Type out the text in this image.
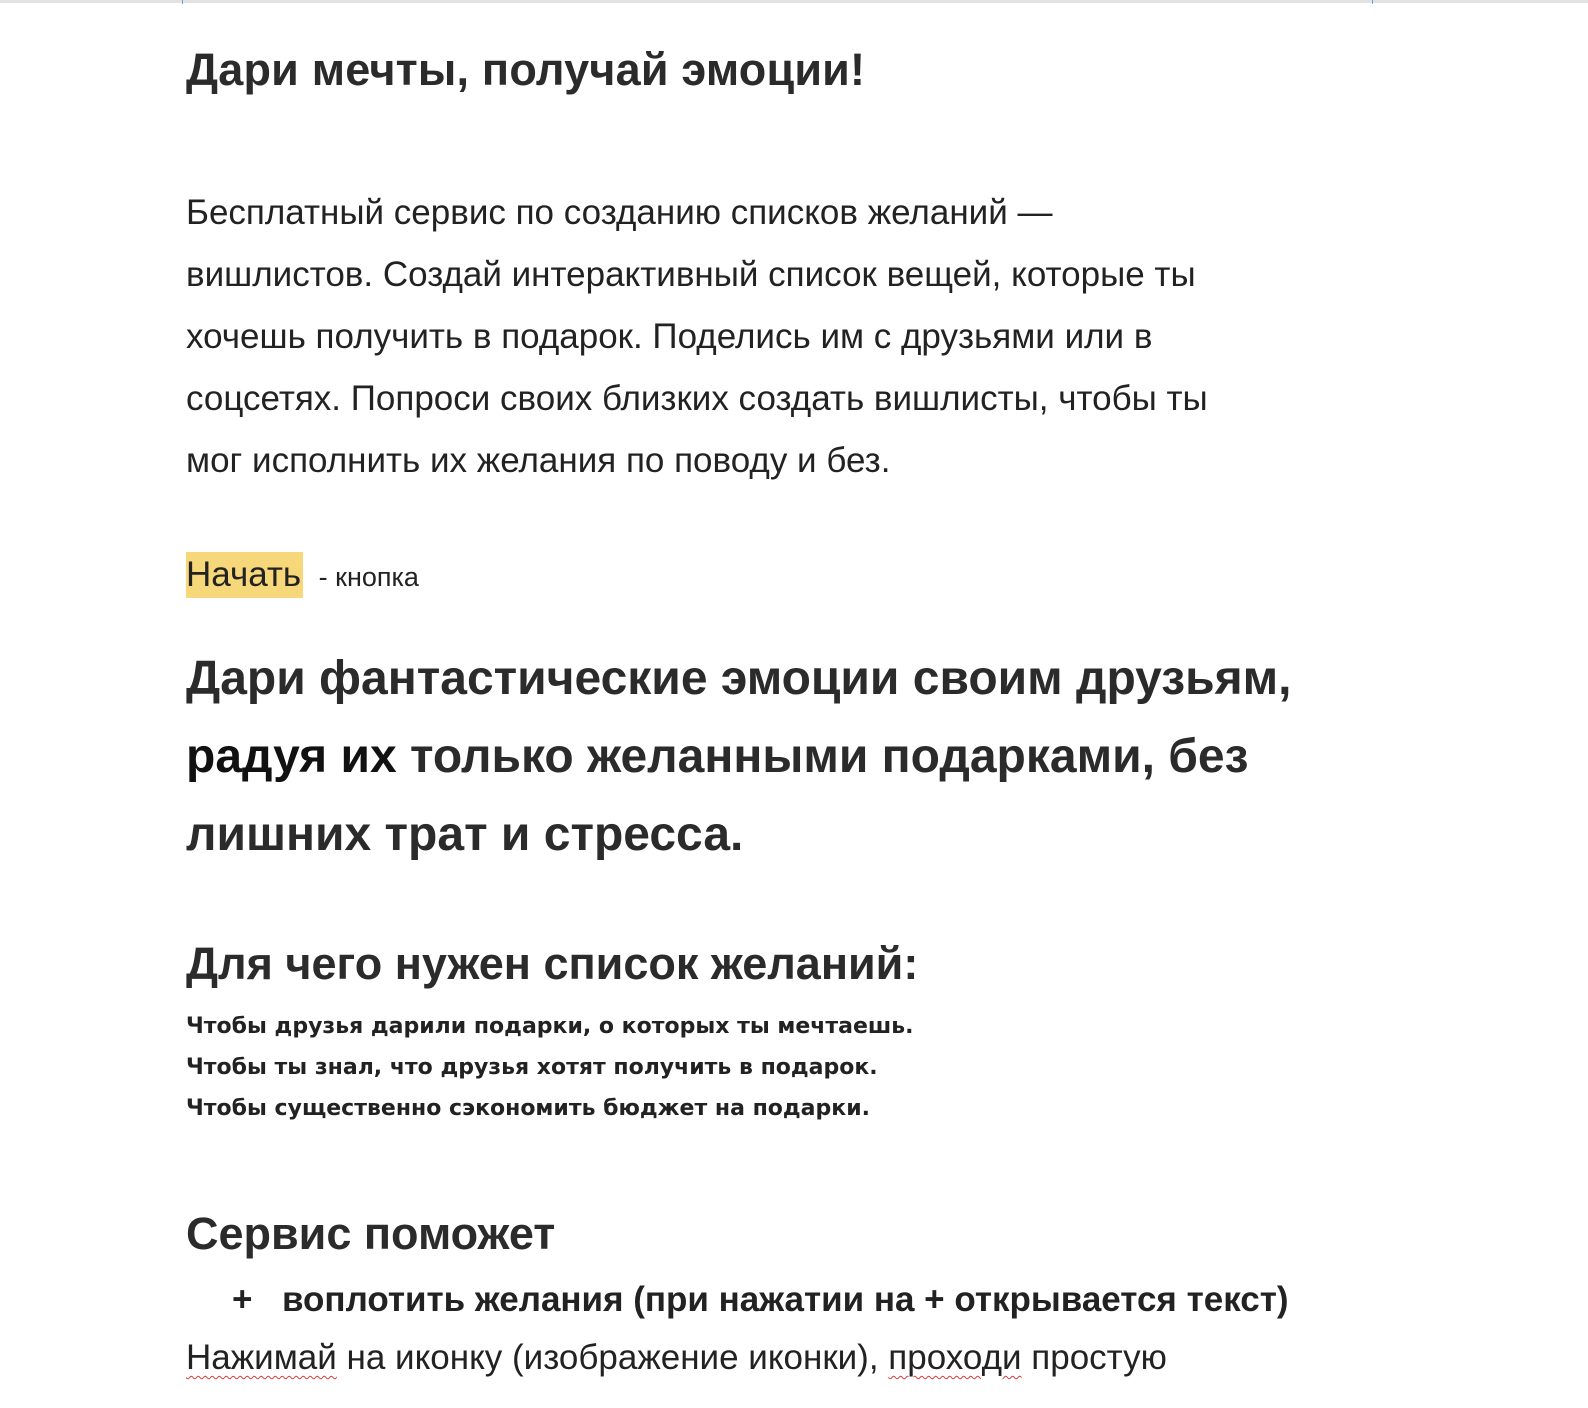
Дари мечты, получай эмоции!
Бесплатный сервис по созданию списков желаний —
вишлистов. Создай интерактивный список вещей, которые ты
хочешь получить в подарок. Поделись им с друзьями или в
соцсетях. Попроси своих близких создать вишлисты, чтобы ты
мог исполнить их желания по поводу и без.
Начать - кнопка
Дари фантастические эмоции своим друзьям,
радуя их только желанными подарками, без
лишних трат и стресса.
Для чего нужен список желаний:
Чтобы друзья дарили подарки, о которых ты мечтаешь.
Чтобы ты знал, что друзья хотят получить в подарок.
Чтобы существенно сэкономить бюджет на подарки.
Сервис поможет
+ воплотить желания (при нажатии на + открывается текст)
Нажимай на иконку (изображение иконки), проходи простую
